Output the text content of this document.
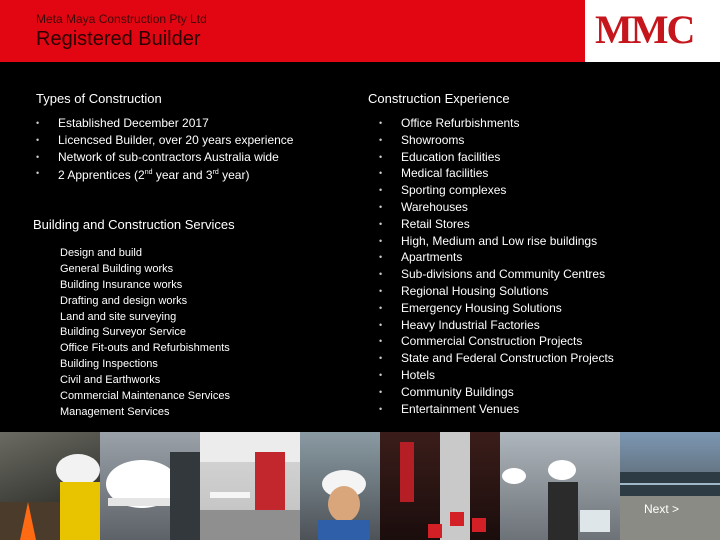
Meta Maya Construction Pty Ltd
Registered Builder	MMC
Types of Construction
• Established December 2017
• Licencsed Builder, over 20 years experience
• Network of sub-contractors Australia wide
• 2 Apprentices (2nd year and 3rd year)
Building and Construction Services
Design and build
General Building works
Building Insurance works
Drafting and design works
Land and site surveying
Building Surveyor Service
Office Fit-outs and Refurbishments
Building Inspections
Civil and Earthworks
Commercial Maintenance Services
Management Services
Construction Experience
• Office Refurbishments
• Showrooms
• Education facilities
• Medical facilities
• Sporting complexes
• Warehouses
• Retail Stores
• High, Medium and Low rise buildings
• Apartments
• Sub-divisions and Community Centres
• Regional Housing Solutions
• Emergency Housing Solutions
• Heavy Industrial Factories
• Commercial Construction Projects
• State and Federal Construction Projects
• Hotels
• Community Buildings
• Entertainment Venues
Next >
